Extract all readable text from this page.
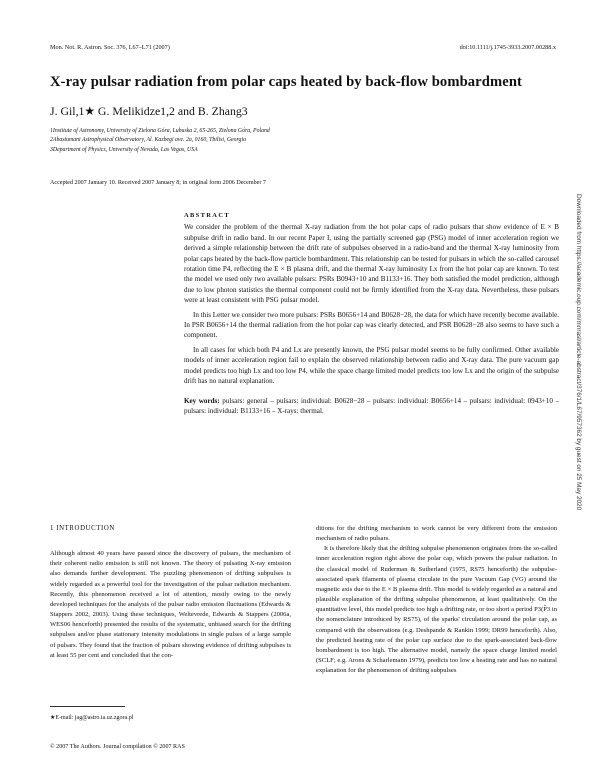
Mon. Not. R. Astron. Soc. 376, L67–L71 (2007)	doi:10.1111/j.1745-3933.2007.00288.x
X-ray pulsar radiation from polar caps heated by back-flow bombardment
J. Gil,1★ G. Melikidze1,2 and B. Zhang3
1Institute of Astronomy, University of Zielona Góra, Lubuska 2, 65-265, Zielona Góra, Poland
2Abastumani Astrophysical Observatory, Al. Kazbegi ave. 2a, 0160, Tbilisi, Georgia
3Department of Physics, University of Nevada, Las Vegas, USA
Accepted 2007 January 10. Received 2007 January 8; in original form 2006 December 7
ABSTRACT

We consider the problem of the thermal X-ray radiation from the hot polar caps of radio pulsars that show evidence of E × B subpulse drift in radio band. In our recent Paper I, using the partially screened gap (PSG) model of inner acceleration region we derived a simple relationship between the drift rate of subpulses observed in a radio-band and the thermal X-ray luminosity from polar caps heated by the back-flow particle bombardment. This relationship can be tested for pulsars in which the so-called carousel rotation time P4, reflecting the E × B plasma drift, and the thermal X-ray luminosity Lx from the hot polar cap are known. To test the model we used only two available pulsars: PSRs B0943+10 and B1133+16. They both satisfied the model prediction, although due to low photon statistics the thermal component could not be firmly identified from the X-ray data. Nevertheless, these pulsars were at least consistent with PSG pulsar model.

In this Letter we consider two more pulsars: PSRs B0656+14 and B0628−28, the data for which have recently become available. In PSR B0656+14 the thermal radiation from the hot polar cap was clearly detected, and PSR B0628−28 also seems to have such a component.

In all cases for which both P4 and Lx are presently known, the PSG pulsar model seems to be fully confirmed. Other available models of inner acceleration region fail to explain the observed relationship between radio and X-ray data. The pure vacuum gap model predicts too high Lx and too low P4, while the space charge limited model predicts too low Lx and the origin of the subpulse drift has no natural explanation.

Key words: pulsars: general – pulsars: individual: B0628−28 – pulsars: individual: B0656+14 – pulsars: individual: 0943+10 – pulsars: individual: B1133+16 – X-rays: thermal.

1 INTRODUCTION

Although almost 40 years have passed since the discovery of pulsars, the mechanism of their coherent radio emission is still not known. The theory of pulsating X-ray emission also demands further development. The puzzling phenomenon of drifting subpulses is widely regarded as a powerful tool for the investigation of the pulsar radiation mechanism. Recently, this phenomenon received a lot of attention, mostly owing to the newly developed techniques for the analysis of the pulsar radio emission fluctuations (Edwards & Stappers 2002, 2003). Using these techniques, Weltevrede, Edwards & Stappers (2006a, WES06 henceforth) presented the results of the systematic, unbiased search for the drifting subpulses and/or phase stationary intensity modulations in single pulses of a large sample of pulsars. They found that the fraction of pulsars showing evidence of drifting subpulses is at least 55 per cent and concluded that the con-

ditions for the drifting mechanism to work cannot be very different from the emission mechanism of radio pulsars.

It is therefore likely that the drifting subpulse phenomenon originates from the so-called inner acceleration region right above the polar cap, which powers the pulsar radiation. In the classical model of Ruderman & Sutherland (1975, RS75 henceforth) the subpulse-associated spark filaments of plasma circulate in the pure Vacuum Gap (VG) around the magnetic axis due to the E × B plasma drift. This model is widely regarded as a natural and plausible explanation of the drifting subpulse phenomenon, at least qualitatively. On the quantitative level, this model predicts too high a drifting rate, or too short a period P3(P̂3 in the nomenclature introduced by RS75), of the sparks' circulation around the polar cap, as compared with the observations (e.g. Deshpande & Rankin 1999; DR99 henceforth). Also, the predicted heating rate of the polar cap surface due to the spark-associated back-flow bombardment is too high. The alternative model, namely the space charge limited model (SCLF; e.g. Arons & Scharlemann 1979), predicts too low a heating rate and has no natural explanation for the phenomenon of drifting subpulses

★E-mail: jag@astro.ia.uz.zgora.pl
© 2007 The Authors. Journal compilation © 2007 RAS
Downloaded from https://academic.oup.com/mnrasl/article-abstract/376/1/L67/957362 by guest on 25 May 2020
